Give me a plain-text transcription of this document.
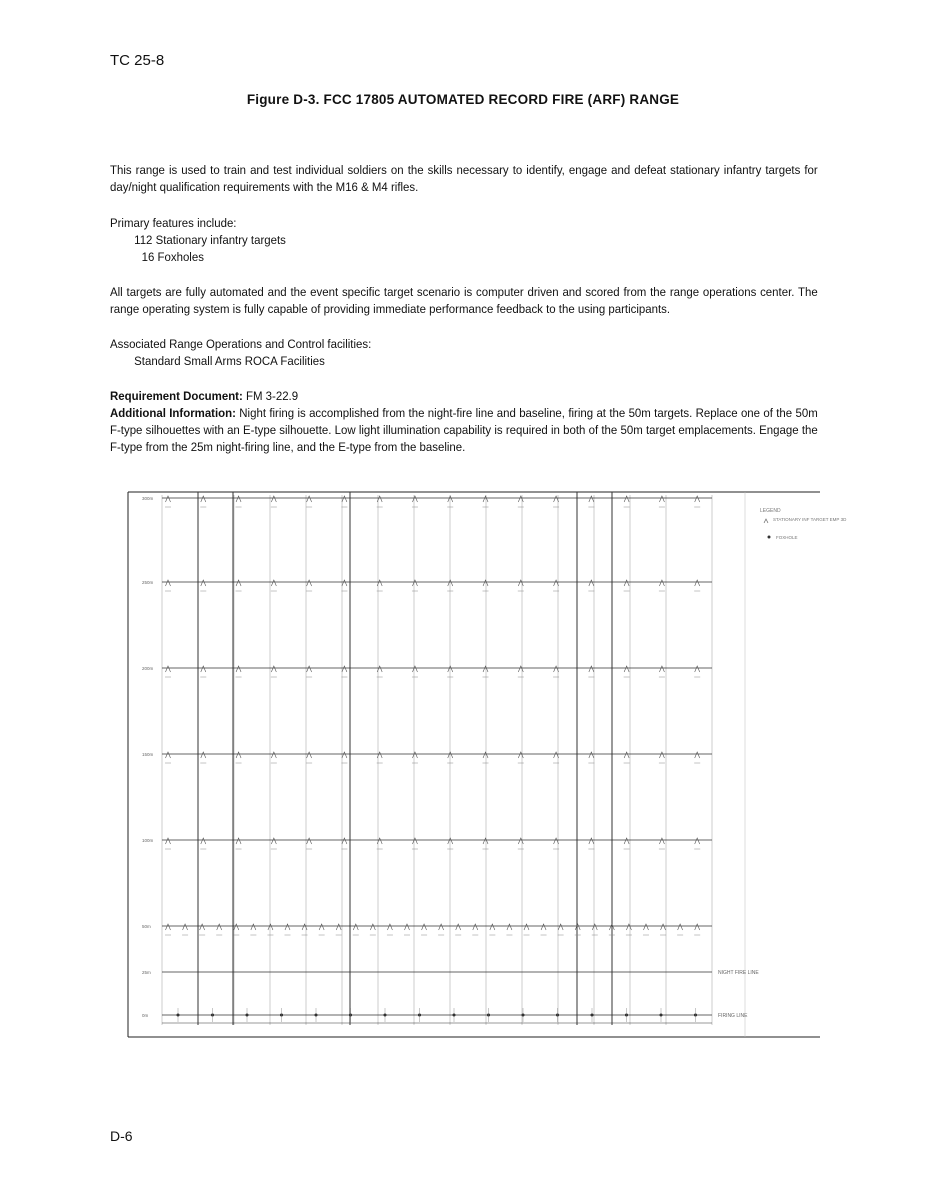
TC 25-8
Figure D-3. FCC 17805 AUTOMATED RECORD FIRE (ARF) RANGE

This range is used to train and test individual soldiers on the skills necessary to identify, engage and defeat stationary infantry targets for day/night qualification requirements with the M16 & M4 rifles.

Primary features include:

112 Stationary infantry targets

16 Foxholes

All targets are fully automated and the event specific target scenario is computer driven and scored from the range operations center. The range operating system is fully capable of providing immediate performance feedback to the using participants.

Associated Range Operations and Control facilities:

Standard Small Arms ROCA Facilities

Requirement Document: FM 3-22.9

Additional Information: Night firing is accomplished from the night-fire line and baseline, firing at the 50m targets. Replace one of the 50m F-type silhouettes with an E-type silhouette. Low light illumination capability is required in both of the 50m target emplacements. Engage the F-type from the 25m night-firing line, and the E-type from the baseline.

300m
250m
200m
150m
100m
50m
25m
0m
LEGEND
STATIONARY INF TARGET EMP 3D
FOXHOLE
NIGHT FIRE LINE
FIRING LINE
D-6
